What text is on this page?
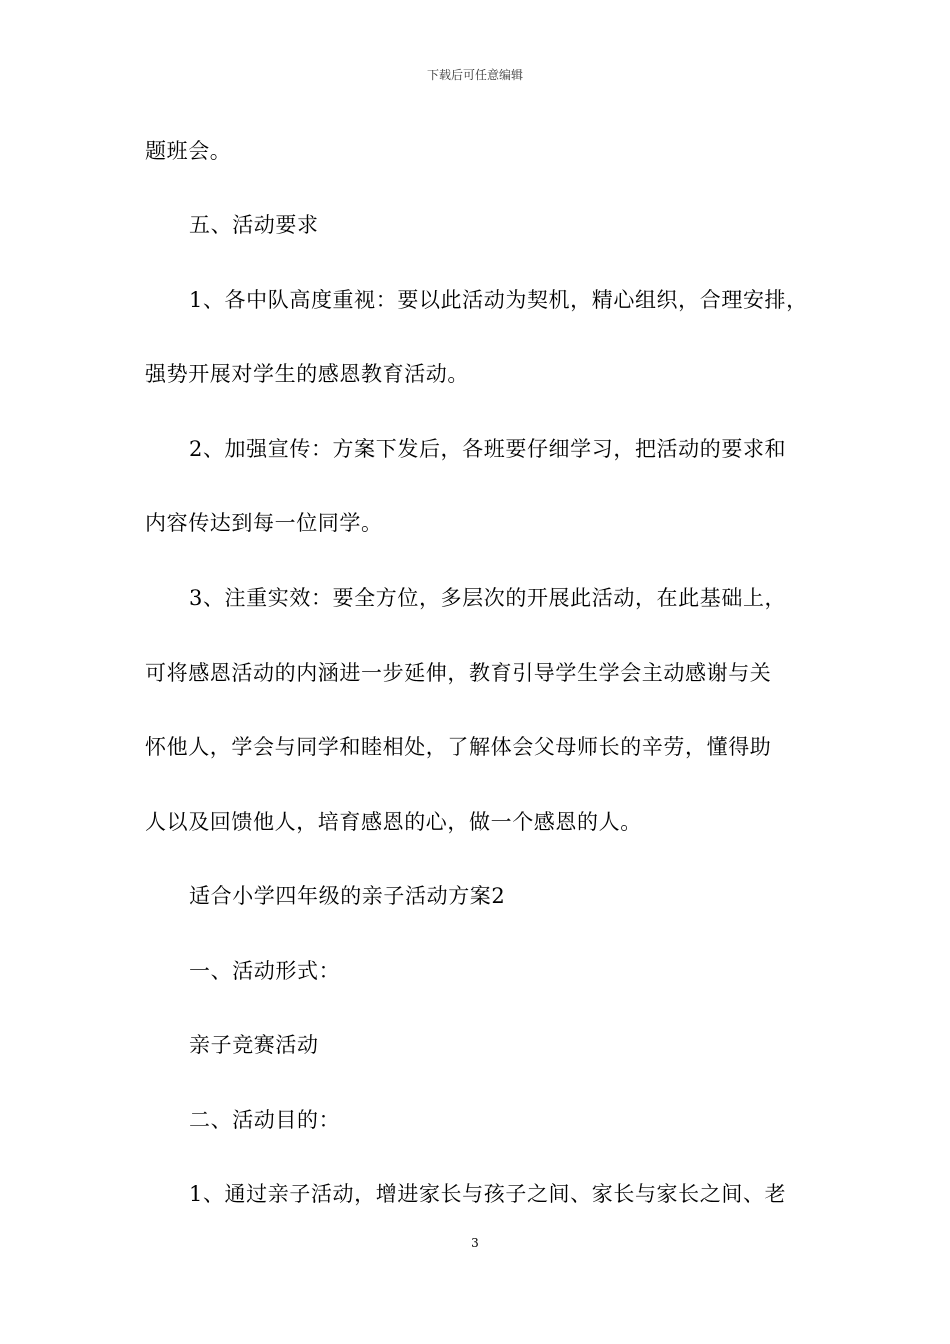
下载后可任意编辑
题班会。
五、活动要求
1、各中队高度重视：要以此活动为契机，精心组织，合理安排，
强势开展对学生的感恩教育活动。
2、加强宣传：方案下发后，各班要仔细学习，把活动的要求和
内容传达到每一位同学。
3、注重实效：要全方位，多层次的开展此活动，在此基础上，
可将感恩活动的内涵进一步延伸，教育引导学生学会主动感谢与关
怀他人，学会与同学和睦相处，了解体会父母师长的辛劳，懂得助
人以及回馈他人，培育感恩的心，做一个感恩的人。
适合小学四年级的亲子活动方案2
一、活动形式：
亲子竞赛活动
二、活动目的：
1、通过亲子活动，增进家长与孩子之间、家长与家长之间、老
3
